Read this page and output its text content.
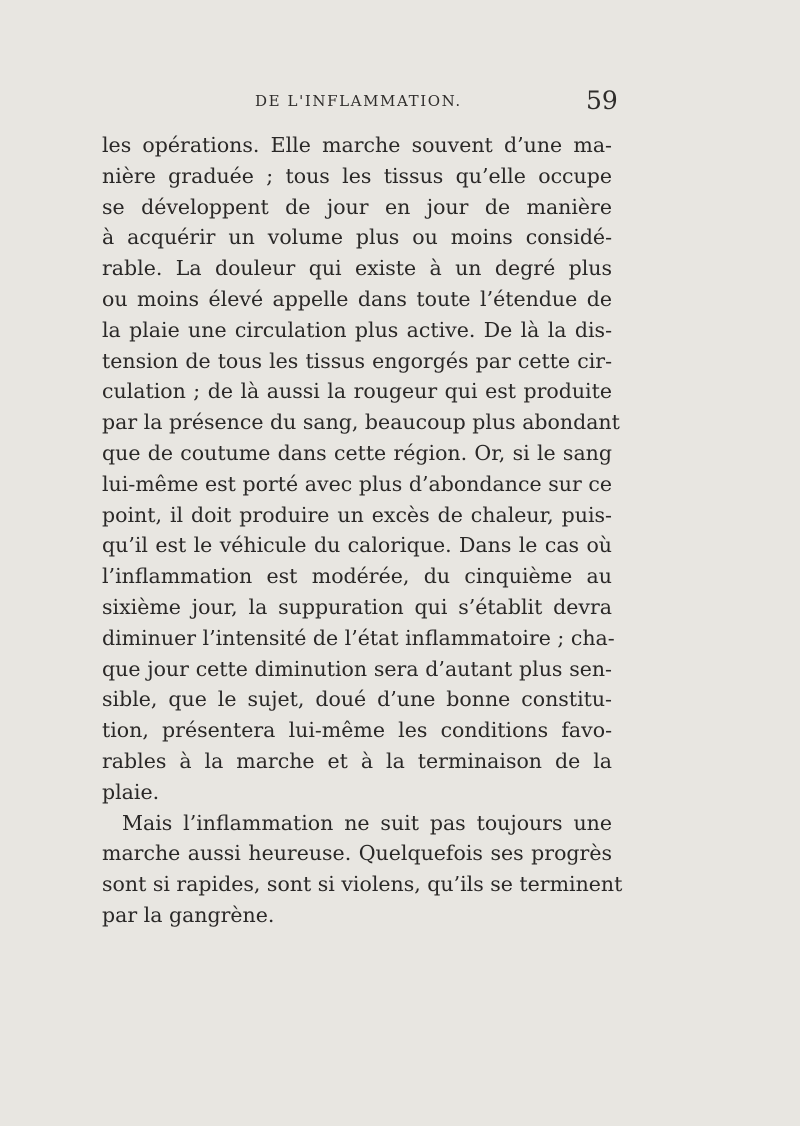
DE L'INFLAMMATION.	59
les opérations. Elle marche souvent d’une ma-
nière graduée ; tous les tissus qu’elle occupe
se développent de jour en jour de manière
à acquérir un volume plus ou moins considé-
rable. La douleur qui existe à un degré plus
ou moins élevé appelle dans toute l’étendue de
la plaie une circulation plus active. De là la dis-
tension de tous les tissus engorgés par cette cir-
culation ; de là aussi la rougeur qui est produite
par la présence du sang, beaucoup plus abondant
que de coutume dans cette région. Or, si le sang
lui-même est porté avec plus d’abondance sur ce
point, il doit produire un excès de chaleur, puis-
qu’il est le véhicule du calorique. Dans le cas où
l’inflammation est modérée, du cinquième au
sixième jour, la suppuration qui s’établit devra
diminuer l’intensité de l’état inflammatoire ; cha-
que jour cette diminution sera d’autant plus sen-
sible, que le sujet, doué d’une bonne constitu-
tion, présentera lui-même les conditions favo-
rables à la marche et à la terminaison de la
plaie.
Mais l’inflammation ne suit pas toujours une
marche aussi heureuse. Quelquefois ses progrès
sont si rapides, sont si violens, qu’ils se terminent
par la gangrène.
